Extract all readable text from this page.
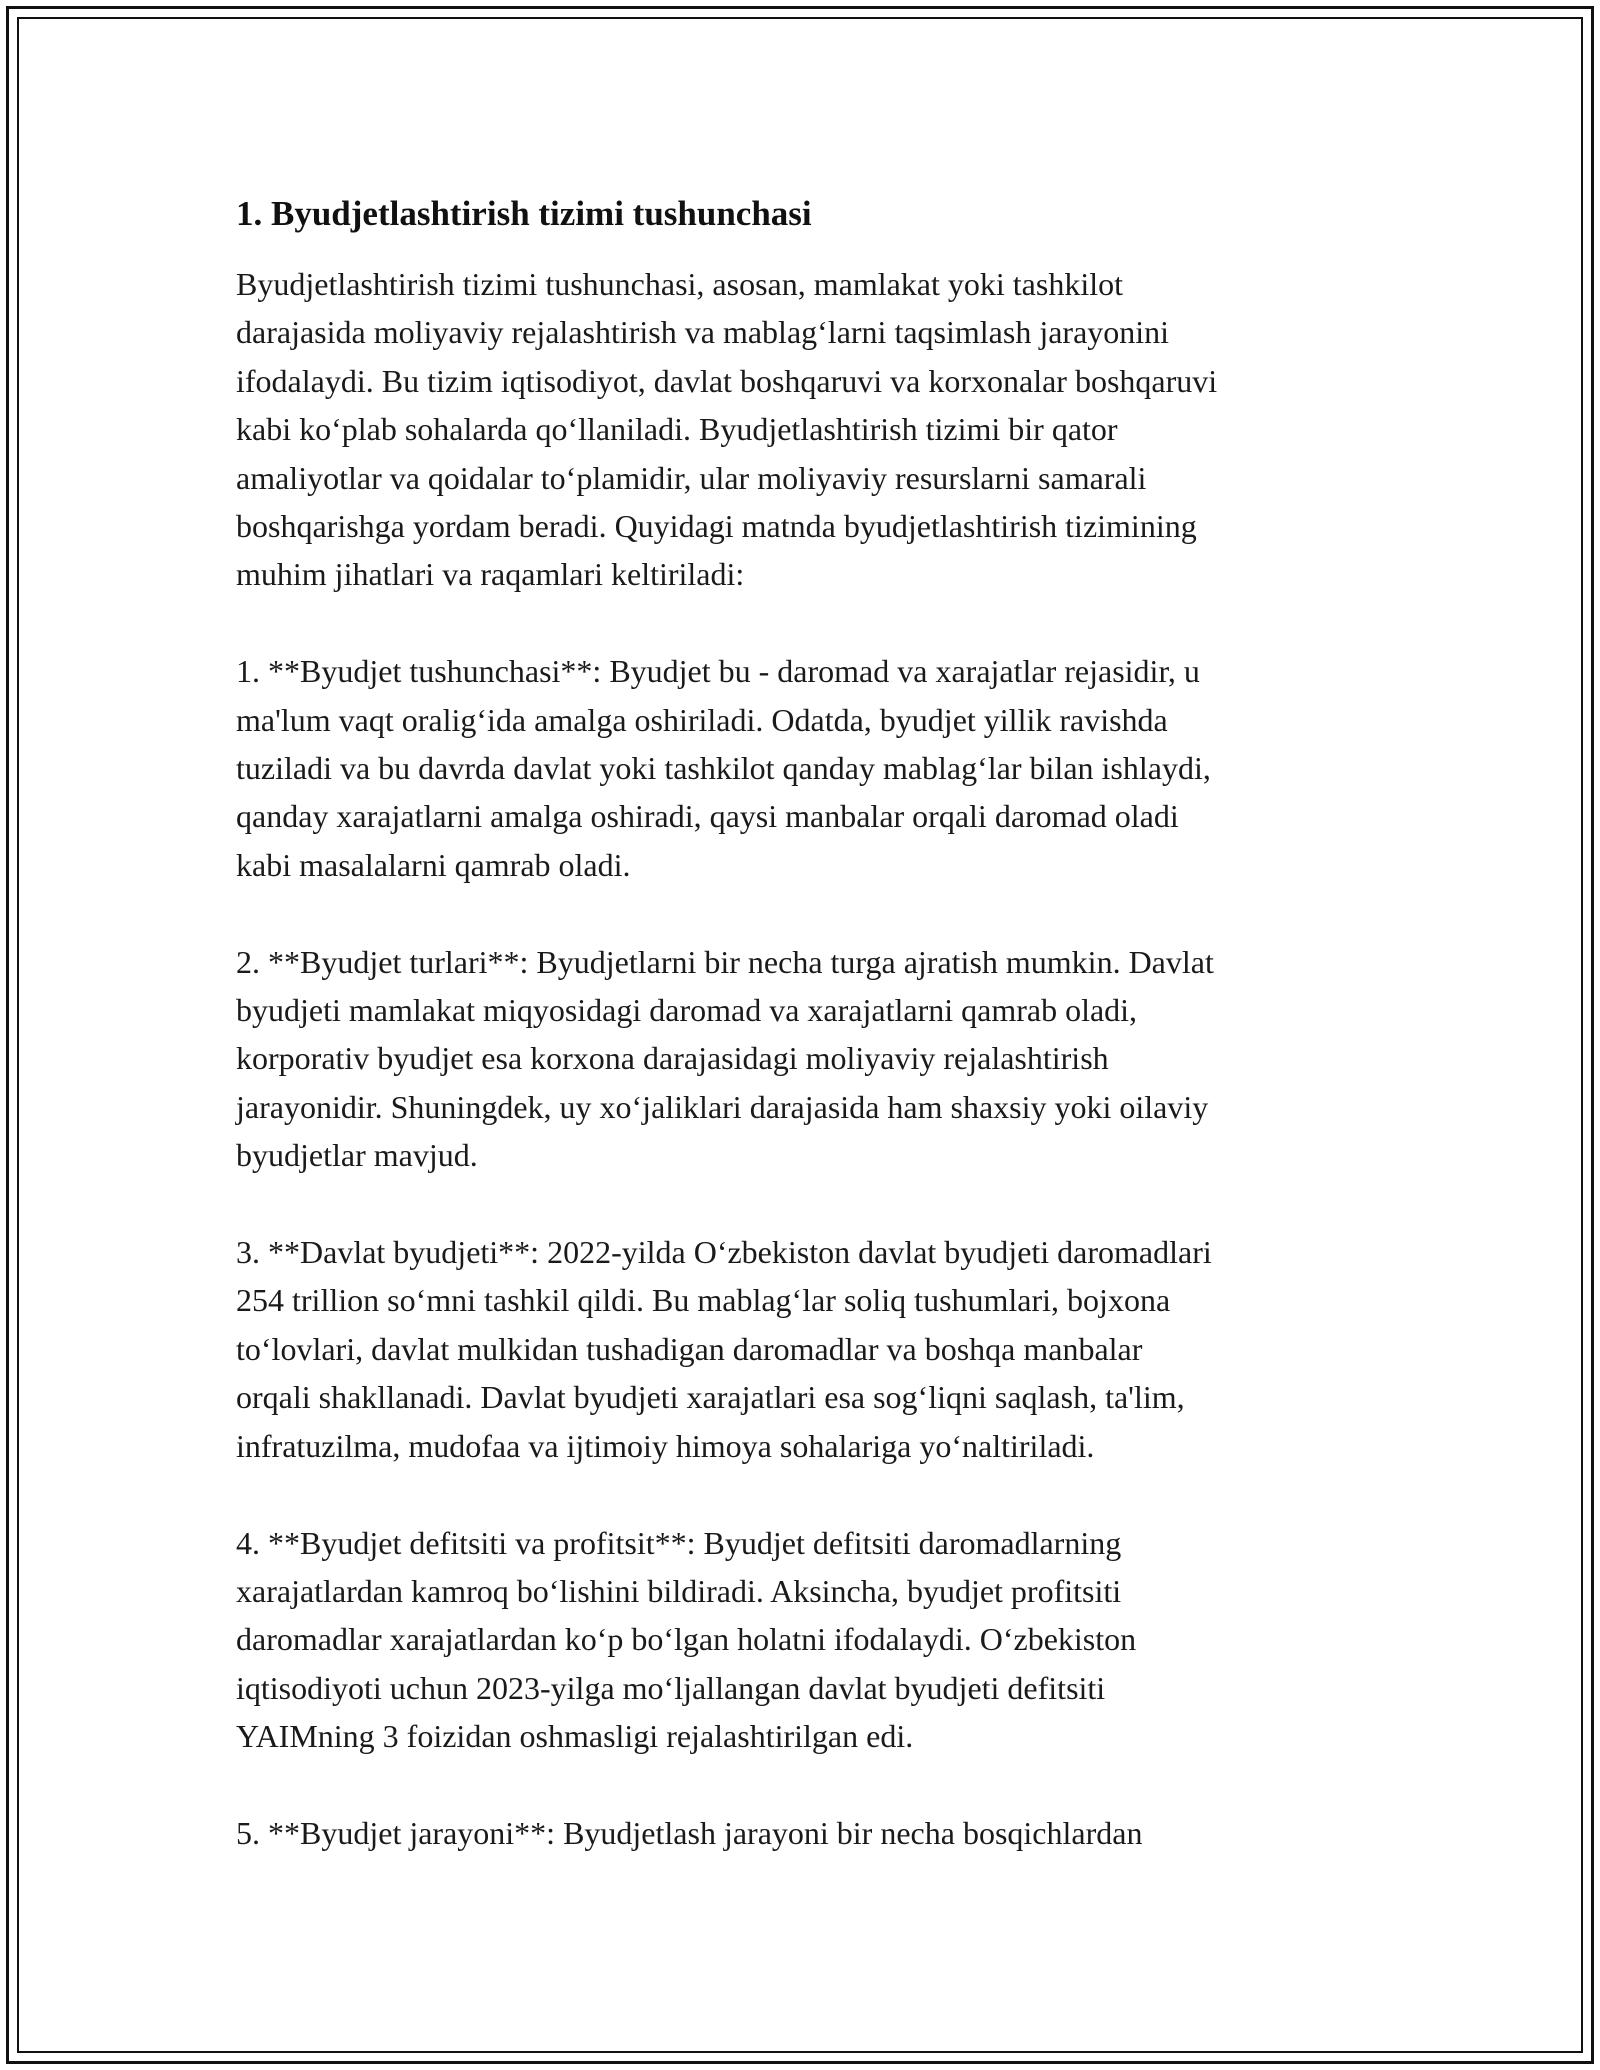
1. Byudjetlashtirish tizimi tushunchasi

Byudjetlashtirish tizimi tushunchasi, asosan, mamlakat yoki tashkilot
darajasida moliyaviy rejalashtirish va mablag‘larni taqsimlash jarayonini
ifodalaydi. Bu tizim iqtisodiyot, davlat boshqaruvi va korxonalar boshqaruvi
kabi ko‘plab sohalarda qo‘llaniladi. Byudjetlashtirish tizimi bir qator
amaliyotlar va qoidalar to‘plamidir, ular moliyaviy resurslarni samarali
boshqarishga yordam beradi. Quyidagi matnda byudjetlashtirish tizimining
muhim jihatlari va raqamlari keltiriladi:

1. **Byudjet tushunchasi**: Byudjet bu - daromad va xarajatlar rejasidir, u
ma'lum vaqt oralig‘ida amalga oshiriladi. Odatda, byudjet yillik ravishda
tuziladi va bu davrda davlat yoki tashkilot qanday mablag‘lar bilan ishlaydi,
qanday xarajatlarni amalga oshiradi, qaysi manbalar orqali daromad oladi
kabi masalalarni qamrab oladi.

2. **Byudjet turlari**: Byudjetlarni bir necha turga ajratish mumkin. Davlat
byudjeti mamlakat miqyosidagi daromad va xarajatlarni qamrab oladi,
korporativ byudjet esa korxona darajasidagi moliyaviy rejalashtirish
jarayonidir. Shuningdek, uy xo‘jaliklari darajasida ham shaxsiy yoki oilaviy
byudjetlar mavjud.

3. **Davlat byudjeti**: 2022-yilda O‘zbekiston davlat byudjeti daromadlari
254 trillion so‘mni tashkil qildi. Bu mablag‘lar soliq tushumlari, bojxona
to‘lovlari, davlat mulkidan tushadigan daromadlar va boshqa manbalar
orqali shakllanadi. Davlat byudjeti xarajatlari esa sog‘liqni saqlash, ta'lim,
infratuzilma, mudofaa va ijtimoiy himoya sohalariga yo‘naltiriladi.

4. **Byudjet defitsiti va profitsit**: Byudjet defitsiti daromadlarning
xarajatlardan kamroq bo‘lishini bildiradi. Aksincha, byudjet profitsiti
daromadlar xarajatlardan ko‘p bo‘lgan holatni ifodalaydi. O‘zbekiston
iqtisodiyoti uchun 2023-yilga mo‘ljallangan davlat byudjeti defitsiti
YAIMning 3 foizidan oshmasligi rejalashtirilgan edi.

5. **Byudjet jarayoni**: Byudjetlash jarayoni bir necha bosqichlardan
